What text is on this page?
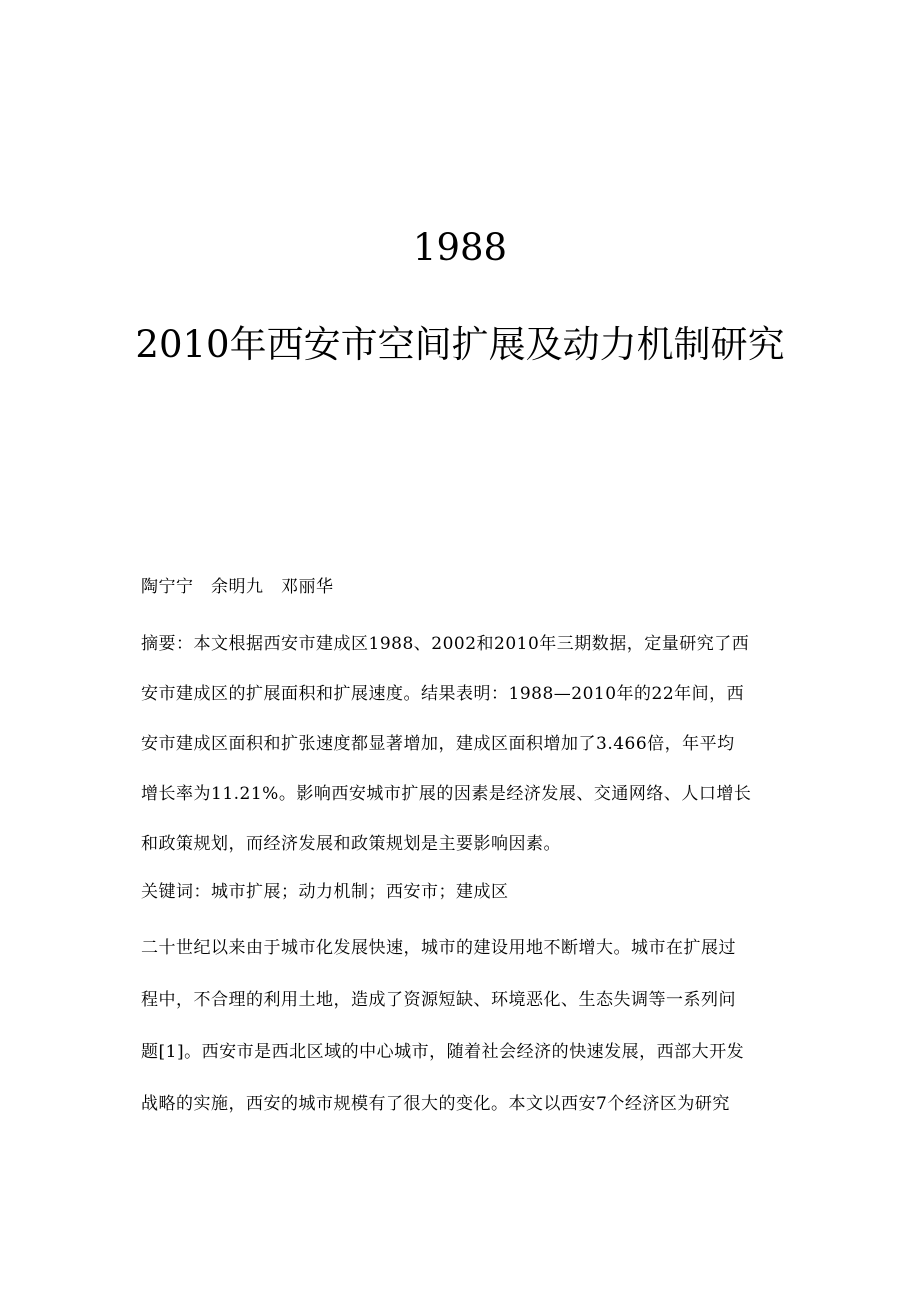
1988
2010年西安市空间扩展及动力机制研究

陶宁宁　余明九　邓丽华

摘要：本文根据西安市建成区1988、2002和2010年三期数据，定量研究了西
安市建成区的扩展面积和扩展速度。结果表明：1988—2010年的22年间，西
安市建成区面积和扩张速度都显著增加，建成区面积增加了3.466倍，年平均
增长率为11.21%。影响西安城市扩展的因素是经济发展、交通网络、人口增长
和政策规划，而经济发展和政策规划是主要影响因素。

关键词：城市扩展；动力机制；西安市；建成区

二十世纪以来由于城市化发展快速，城市的建设用地不断增大。城市在扩展过
程中，不合理的利用土地，造成了资源短缺、环境恶化、生态失调等一系列问
题[1]。西安市是西北区域的中心城市，随着社会经济的快速发展，西部大开发
战略的实施，西安的城市规模有了很大的变化。本文以西安7个经济区为研究
